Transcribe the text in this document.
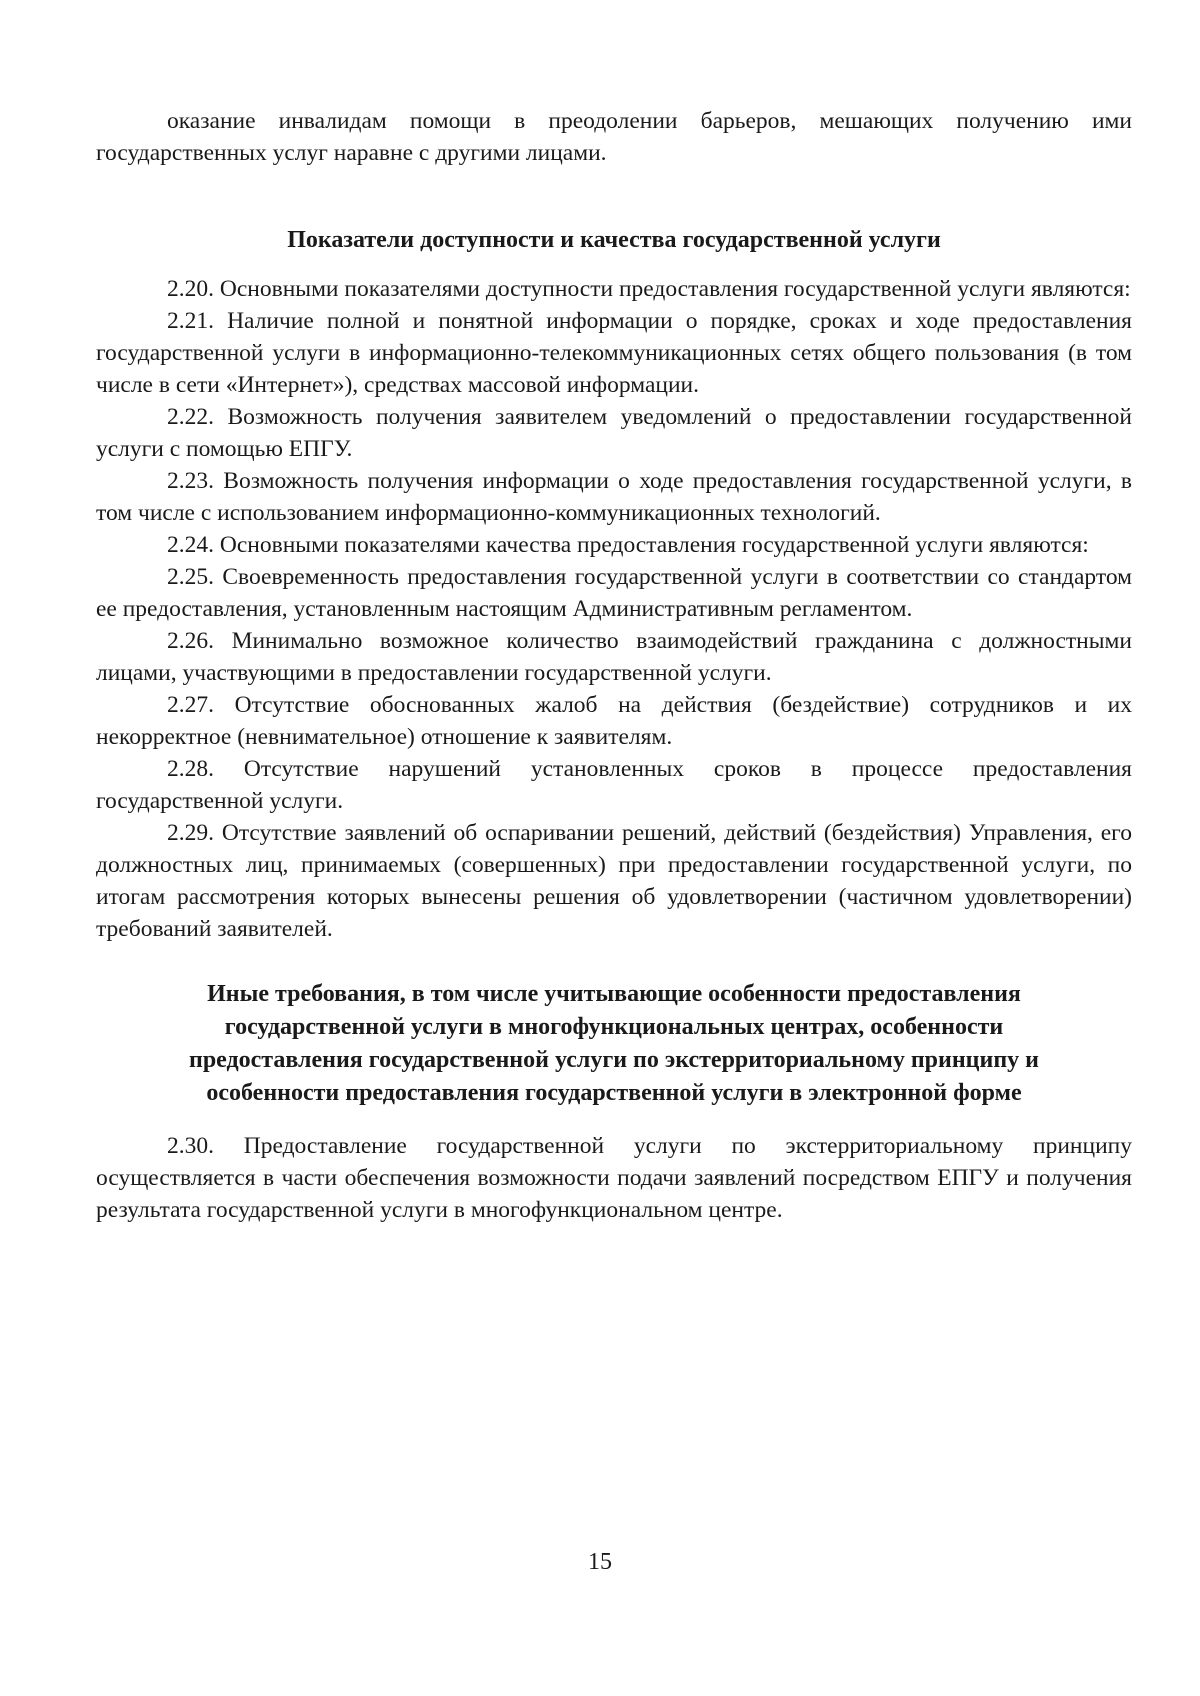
оказание инвалидам помощи в преодолении барьеров, мешающих получению ими государственных услуг наравне с другими лицами.

Показатели доступности и качества государственной услуги

2.20. Основными показателями доступности предоставления государственной услуги являются:

2.21. Наличие полной и понятной информации о порядке, сроках и ходе предоставления государственной услуги в информационно-телекоммуникационных сетях общего пользования (в том числе в сети «Интернет»), средствах массовой информации.

2.22. Возможность получения заявителем уведомлений о предоставлении государственной услуги с помощью ЕПГУ.

2.23. Возможность получения информации о ходе предоставления государственной услуги, в том числе с использованием информационно-коммуникационных технологий.

2.24. Основными показателями качества предоставления государственной услуги являются:

2.25. Своевременность предоставления государственной услуги в соответствии со стандартом ее предоставления, установленным настоящим Административным регламентом.

2.26. Минимально возможное количество взаимодействий гражданина с должностными лицами, участвующими в предоставлении государственной услуги.

2.27. Отсутствие обоснованных жалоб на действия (бездействие) сотрудников и их некорректное (невнимательное) отношение к заявителям.

2.28. Отсутствие нарушений установленных сроков в процессе предоставления государственной услуги.

2.29. Отсутствие заявлений об оспаривании решений, действий (бездействия) Управления, его должностных лиц, принимаемых (совершенных) при предоставлении государственной услуги, по итогам рассмотрения которых вынесены решения об удовлетворении (частичном удовлетворении) требований заявителей.

Иные требования, в том числе учитывающие особенности предоставления
государственной услуги в многофункциональных центрах, особенности
предоставления государственной услуги по экстерриториальному принципу и
особенности предоставления государственной услуги в электронной форме

2.30. Предоставление государственной услуги по экстерриториальному принципу осуществляется в части обеспечения возможности подачи заявлений посредством ЕПГУ и получения результата государственной услуги в многофункциональном центре.

15
